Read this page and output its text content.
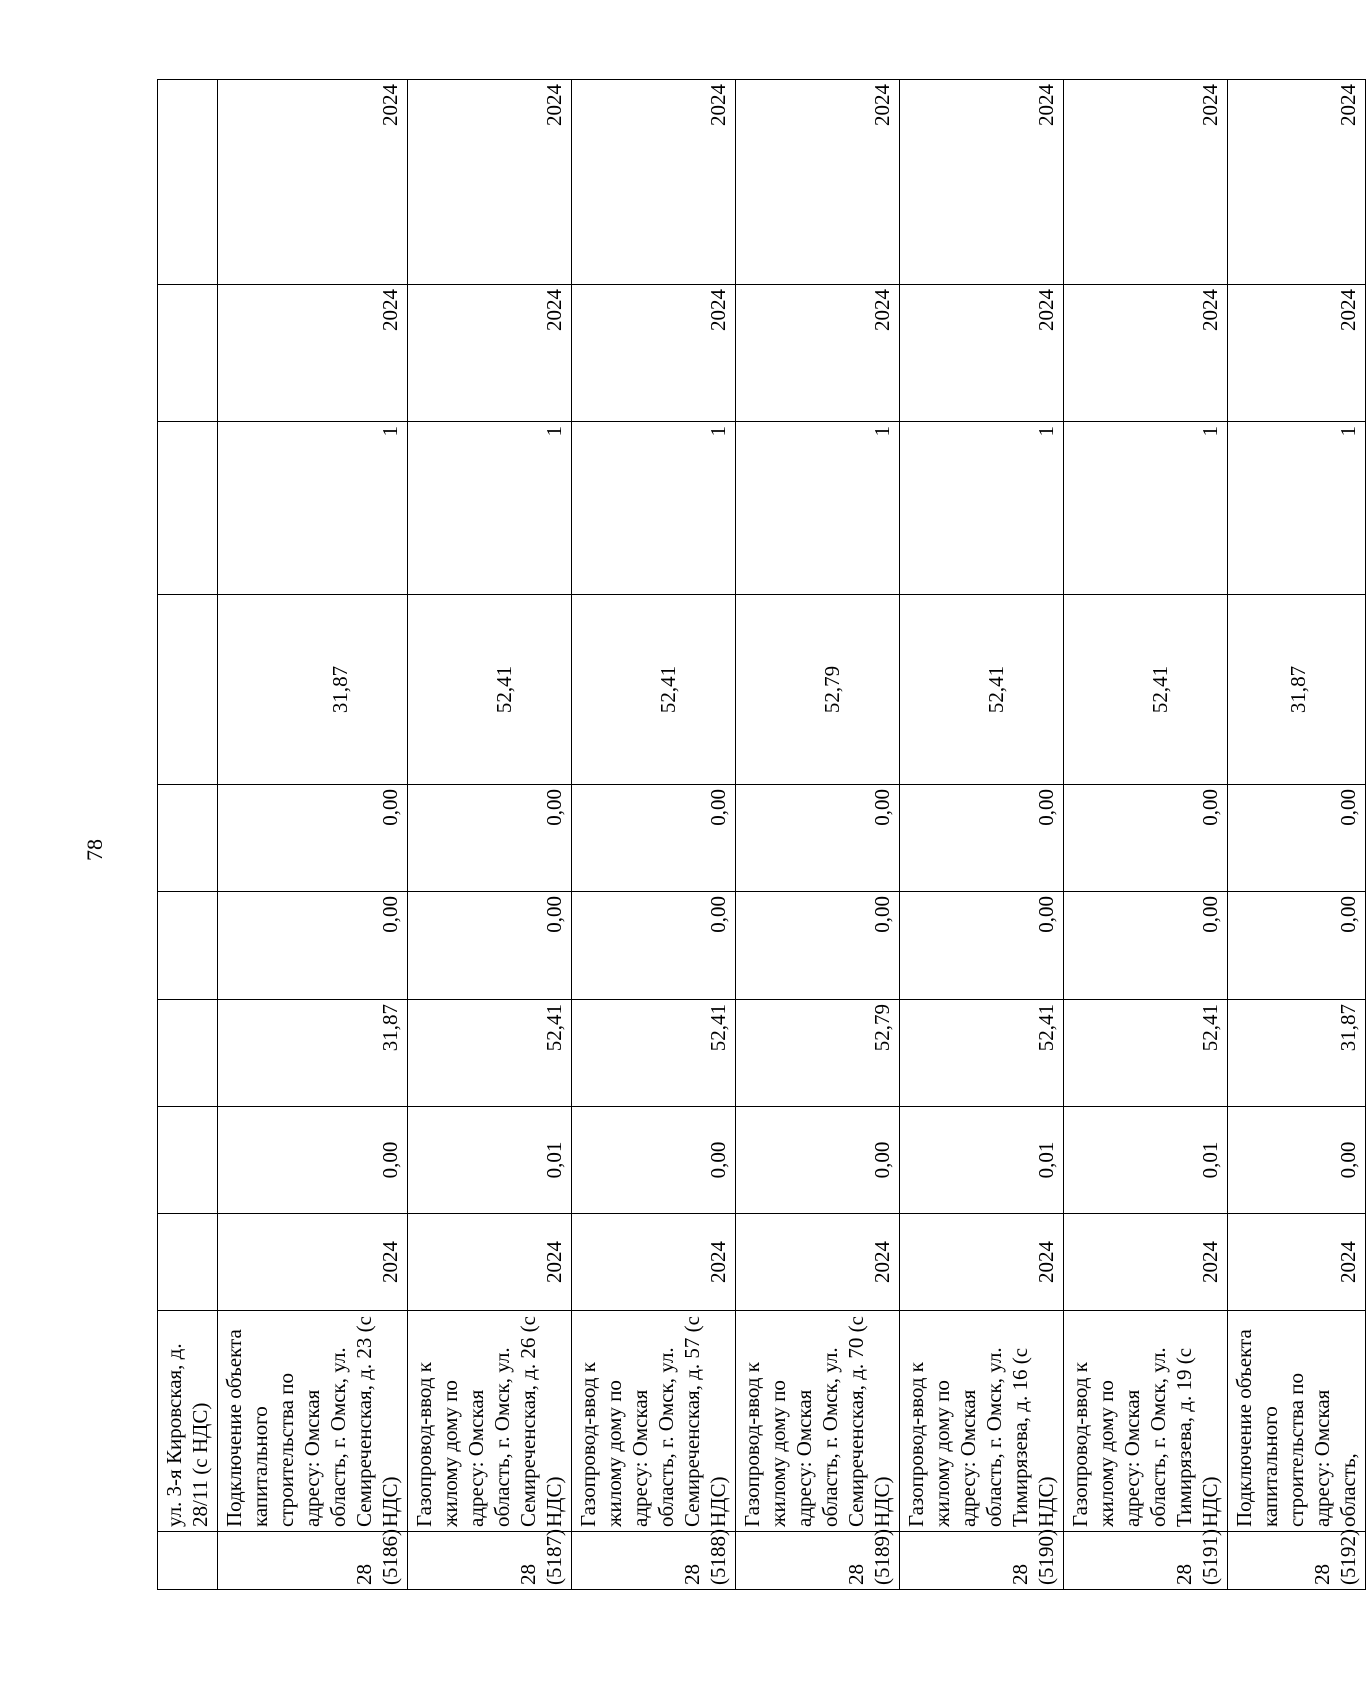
78
	ул. 3-я Кировская, д. 28/11 (с НДС)									
28 (5186)	Подключение объекта капитального строительства по адресу: Омская область, г. Омск, ул. Семиреченская, д. 23 (с НДС)	2024	0,00	31,87	0,00	0,00	31,87	1	2024	2024
28 (5187)	Газопровод-ввод к жилому дому по адресу: Омская область, г. Омск, ул. Семиреченская, д. 26 (с НДС)	2024	0,01	52,41	0,00	0,00	52,41	1	2024	2024
28 (5188)	Газопровод-ввод к жилому дому по адресу: Омская область, г. Омск, ул. Семиреченская, д. 57 (с НДС)	2024	0,00	52,41	0,00	0,00	52,41	1	2024	2024
28 (5189)	Газопровод-ввод к жилому дому по адресу: Омская область, г. Омск, ул. Семиреченская, д. 70 (с НДС)	2024	0,00	52,79	0,00	0,00	52,79	1	2024	2024
28 (5190)	Газопровод-ввод к жилому дому по адресу: Омская область, г. Омск, ул. Тимирязева, д. 16 (с НДС)	2024	0,01	52,41	0,00	0,00	52,41	1	2024	2024
28 (5191)	Газопровод-ввод к жилому дому по адресу: Омская область, г. Омск, ул. Тимирязева, д. 19 (с НДС)	2024	0,01	52,41	0,00	0,00	52,41	1	2024	2024
28 (5192)	Подключение объекта капитального строительства по адресу: Омская область,	2024	0,00	31,87	0,00	0,00	31,87	1	2024	2024
